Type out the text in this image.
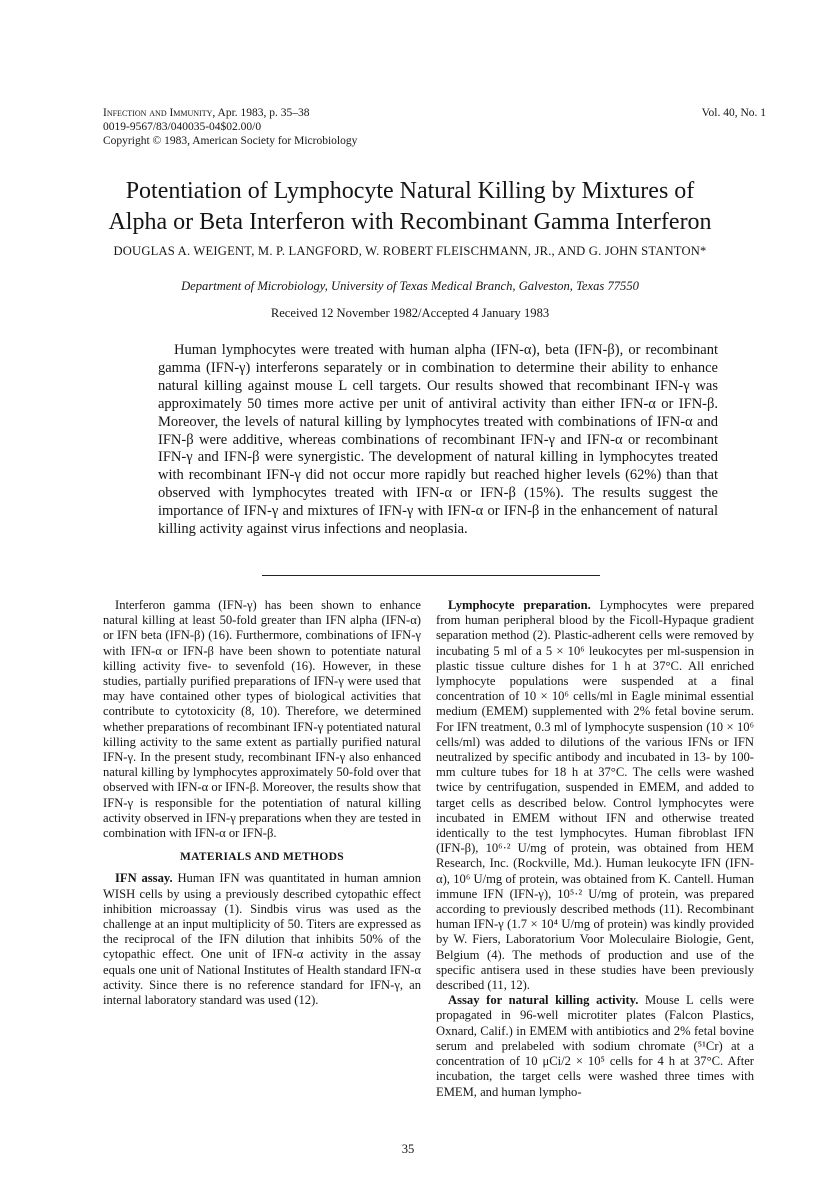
Infection and Immunity, Apr. 1983, p. 35–38
0019-9567/83/040035-04$02.00/0
Copyright © 1983, American Society for Microbiology
Vol. 40, No. 1

Potentiation of Lymphocyte Natural Killing by Mixtures of

Alpha or Beta Interferon with Recombinant Gamma Interferon

DOUGLAS A. WEIGENT, M. P. LANGFORD, W. ROBERT FLEISCHMANN, JR., AND G. JOHN STANTON*
Department of Microbiology, University of Texas Medical Branch, Galveston, Texas 77550
Received 12 November 1982/Accepted 4 January 1983

Human lymphocytes were treated with human alpha (IFN-α), beta (IFN-β), or recombinant gamma (IFN-γ) interferons separately or in combination to determine their ability to enhance natural killing against mouse L cell targets. Our results showed that recombinant IFN-γ was approximately 50 times more active per unit of antiviral activity than either IFN-α or IFN-β. Moreover, the levels of natural killing by lymphocytes treated with combinations of IFN-α and IFN-β were additive, whereas combinations of recombinant IFN-γ and IFN-α or recombinant IFN-γ and IFN-β were synergistic. The development of natural killing in lymphocytes treated with recombinant IFN-γ did not occur more rapidly but reached higher levels (62%) than that observed with lymphocytes treated with IFN-α or IFN-β (15%). The results suggest the importance of IFN-γ and mixtures of IFN-γ with IFN-α or IFN-β in the enhancement of natural killing activity against virus infections and neoplasia.

Interferon gamma (IFN-γ) has been shown to enhance natural killing at least 50-fold greater than IFN alpha (IFN-α) or IFN beta (IFN-β) (16). Furthermore, combinations of IFN-γ with IFN-α or IFN-β have been shown to potentiate natural killing activity five- to sevenfold (16). However, in these studies, partially purified preparations of IFN-γ were used that may have contained other types of biological activities that contribute to cytotoxicity (8, 10). Therefore, we determined whether preparations of recombinant IFN-γ potentiated natural killing activity to the same extent as partially purified natural IFN-γ. In the present study, recombinant IFN-γ also enhanced natural killing by lymphocytes approximately 50-fold over that observed with IFN-α or IFN-β. Moreover, the results show that IFN-γ is responsible for the potentiation of natural killing activity observed in IFN-γ preparations when they are tested in combination with IFN-α or IFN-β.

MATERIALS AND METHODS

IFN assay. Human IFN was quantitated in human amnion WISH cells by using a previously described cytopathic effect inhibition microassay (1). Sindbis virus was used as the challenge at an input multiplicity of 50. Titers are expressed as the reciprocal of the IFN dilution that inhibits 50% of the cytopathic effect. One unit of IFN-α activity in the assay equals one unit of National Institutes of Health standard IFN-α activity. Since there is no reference standard for IFN-γ, an internal laboratory standard was used (12).

Lymphocyte preparation. Lymphocytes were prepared from human peripheral blood by the Ficoll-Hypaque gradient separation method (2). Plastic-adherent cells were removed by incubating 5 ml of a 5 × 10⁶ leukocytes per ml-suspension in plastic tissue culture dishes for 1 h at 37°C. All enriched lymphocyte populations were suspended at a final concentration of 10 × 10⁶ cells/ml in Eagle minimal essential medium (EMEM) supplemented with 2% fetal bovine serum. For IFN treatment, 0.3 ml of lymphocyte suspension (10 × 10⁶ cells/ml) was added to dilutions of the various IFNs or IFN neutralized by specific antibody and incubated in 13- by 100-mm culture tubes for 18 h at 37°C. The cells were washed twice by centrifugation, suspended in EMEM, and added to target cells as described below. Control lymphocytes were incubated in EMEM without IFN and otherwise treated identically to the test lymphocytes. Human fibroblast IFN (IFN-β), 10⁶·² U/mg of protein, was obtained from HEM Research, Inc. (Rockville, Md.). Human leukocyte IFN (IFN-α), 10⁶ U/mg of protein, was obtained from K. Cantell. Human immune IFN (IFN-γ), 10⁵·² U/mg of protein, was prepared according to previously described methods (11). Recombinant human IFN-γ (1.7 × 10⁴ U/mg of protein) was kindly provided by W. Fiers, Laboratorium Voor Moleculaire Biologie, Gent, Belgium (4). The methods of production and use of the specific antisera used in these studies have been previously described (11, 12).

Assay for natural killing activity. Mouse L cells were propagated in 96-well microtiter plates (Falcon Plastics, Oxnard, Calif.) in EMEM with antibiotics and 2% fetal bovine serum and prelabeled with sodium chromate (⁵¹Cr) at a concentration of 10 μCi/2 × 10⁵ cells for 4 h at 37°C. After incubation, the target cells were washed three times with EMEM, and human lympho-

35
